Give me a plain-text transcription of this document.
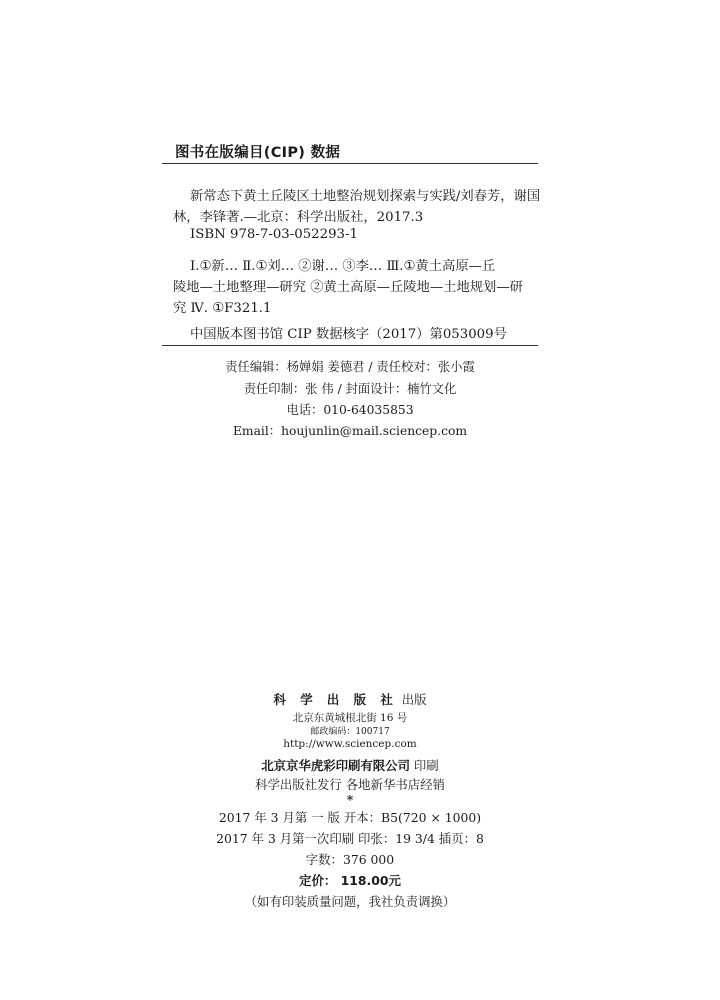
图书在版编目(CIP) 数据
新常态下黄土丘陵区土地整治规划探索与实践/刘春芳，谢国
林，李锋著.—北京：科学出版社，2017.3
ISBN 978-7-03-052293-1
Ⅰ.①新… Ⅱ.①刘… ②谢… ③李… Ⅲ.①黄土高原—丘
陵地—土地整理—研究 ②黄土高原—丘陵地—土地规划—研
究 Ⅳ. ①F321.1
中国版本图书馆 CIP 数据核字（2017）第053009号
责任编辑：杨婵娟 姜德君 / 责任校对：张小霞
责任印制：张 伟 / 封面设计：楠竹文化
电话：010-64035853
Email：houjunlin@mail.sciencep.com
科 学 出 版 社 出版
北京东黄城根北街 16 号
邮政编码：100717
http://www.sciencep.com
北京京华虎彩印刷有限公司 印刷
科学出版社发行 各地新华书店经销
*
2017 年 3 月第 一 版 开本：B5(720 × 1000)
2017 年 3 月第一次印刷 印张：19 3/4 插页：8
字数：376 000
定价： 118.00元
（如有印装质量问题，我社负责调换）
